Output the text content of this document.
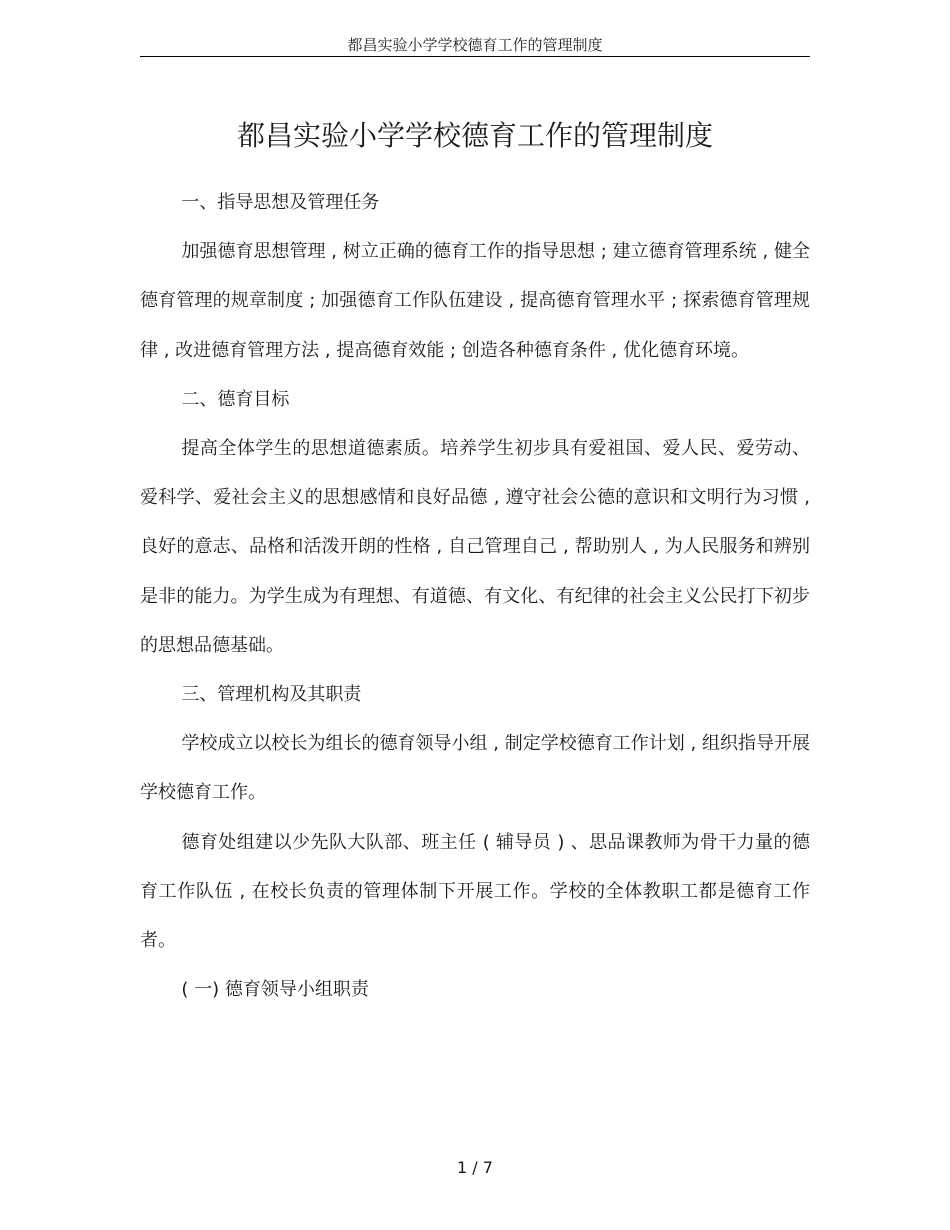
都昌实验小学学校德育工作的管理制度
都昌实验小学学校德育工作的管理制度

一、指导思想及管理任务

加强德育思想管理 , 树立正确的德育工作的指导思想 ; 建立德育管理系统 , 健全德育管理的规章制度 ; 加强德育工作队伍建设 , 提高德育管理水平 ; 探索德育管理规律 , 改进德育管理方法 , 提高德育效能 ; 创造各种德育条件 , 优化德育环境。

二、德育目标

提高全体学生的思想道德素质。培养学生初步具有爱祖国、爱人民、爱劳动、爱科学、爱社会主义的思想感情和良好品德 , 遵守社会公德的意识和文明行为习惯 , 良好的意志、品格和活泼开朗的性格 , 自己管理自己 , 帮助别人 , 为人民服务和辨别是非的能力。为学生成为有理想、有道德、有文化、有纪律的社会主义公民打下初步的思想品德基础。

三、管理机构及其职责

学校成立以校长为组长的德育领导小组 , 制定学校德育工作计划 , 组织指导开展学校德育工作。

德育处组建以少先队大队部、班主任 ( 辅导员 ) 、思品课教师为骨干力量的德育工作队伍 , 在校长负责的管理体制下开展工作。学校的全体教职工都是德育工作者。

( 一) 德育领导小组职责

1 / 7
